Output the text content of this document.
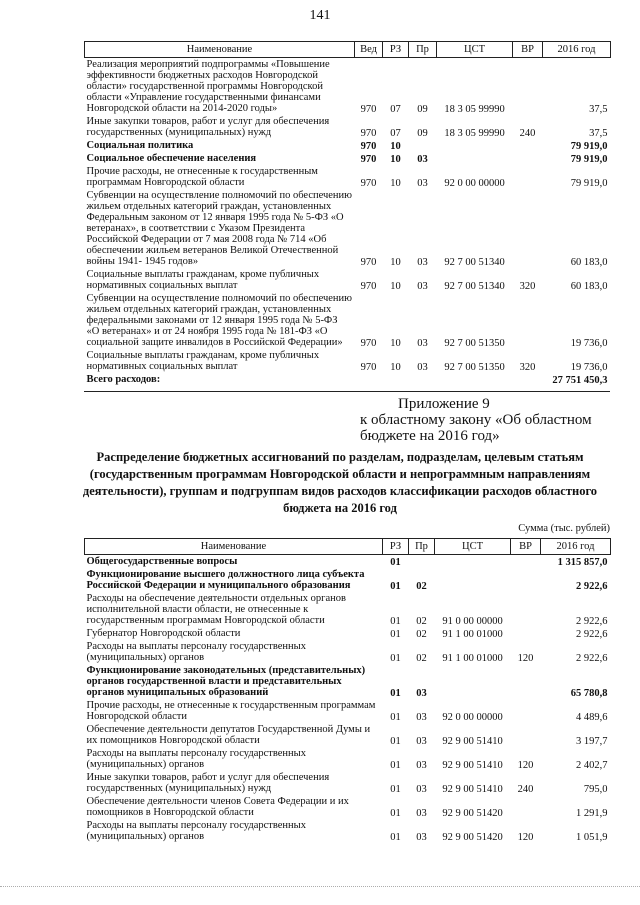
141
Наименование	Вед	РЗ	Пр	ЦСТ	ВР	2016 год
Реализация мероприятий подпрограммы «Повышение эффективности бюджетных расходов Новгородской области» государственной программы Новгородской области «Управление государственными финансами Новгородской области на 2014-2020 годы»	970	07	09	18 3 05 99990		37,5
Иные закупки товаров, работ и услуг для обеспечения государственных (муниципальных) нужд	970	07	09	18 3 05 99990	240	37,5
Социальная политика	970	10				79 919,0
Социальное обеспечение населения	970	10	03			79 919,0
Прочие расходы, не отнесенные к государственным программам Новгородской области	970	10	03	92 0 00 00000		79 919,0
Субвенции на осуществление полномочий по обеспечению жильем отдельных категорий граждан, установленных Федеральным законом от 12 января 1995 года № 5-ФЗ «О ветеранах», в соответствии с Указом Президента Российской Федерации от 7 мая 2008 года № 714 «Об обеспечении жильем ветеранов Великой Отечественной войны 1941- 1945 годов»	970	10	03	92 7 00 51340		60 183,0
Социальные выплаты гражданам, кроме публичных нормативных социальных выплат	970	10	03	92 7 00 51340	320	60 183,0
Субвенции на осуществление полномочий по обеспечению жильем отдельных категорий граждан, установленных федеральными законами от 12 января 1995 года № 5-ФЗ «О ветеранах» и от 24 ноября 1995 года № 181-ФЗ «О социальной защите инвалидов в Российской Федерации»	970	10	03	92 7 00 51350		19 736,0
Социальные выплаты гражданам, кроме публичных нормативных социальных выплат	970	10	03	92 7 00 51350	320	19 736,0
Всего расходов:						27 751 450,3
Приложение 9
к областному закону «Об областном
бюджете на 2016 год»
Распределение бюджетных ассигнований по разделам, подразделам, целевым статьям (государственным программам Новгородской области и непрограммным направлениям деятельности), группам и подгруппам видов расходов классификации расходов областного бюджета на 2016 год
Сумма (тыс. рублей)
Наименование	РЗ	Пр	ЦСТ	ВР	2016 год
Общегосударственные вопросы	01				1 315 857,0
Функционирование высшего должностного лица субъекта Российской Федерации и муниципального образования	01	02			2 922,6
Расходы на обеспечение деятельности отдельных органов исполнительной власти области, не отнесенные к государственным программам Новгородской области	01	02	91 0 00 00000		2 922,6
Губернатор Новгородской области	01	02	91 1 00 01000		2 922,6
Расходы на выплаты персоналу государственных (муниципальных) органов	01	02	91 1 00 01000	120	2 922,6
Функционирование законодательных (представительных) органов государственной власти и представительных органов муниципальных образований	01	03			65 780,8
Прочие расходы, не отнесенные к государственным программам Новгородской области	01	03	92 0 00 00000		4 489,6
Обеспечение деятельности депутатов Государственной Думы и их помощников Новгородской области	01	03	92 9 00 51410		3 197,7
Расходы на выплаты персоналу государственных (муниципальных) органов	01	03	92 9 00 51410	120	2 402,7
Иные закупки товаров, работ и услуг для обеспечения государственных (муниципальных) нужд	01	03	92 9 00 51410	240	795,0
Обеспечение деятельности членов Совета Федерации и их помощников в Новгородской области	01	03	92 9 00 51420		1 291,9
Расходы на выплаты персоналу государственных (муниципальных) органов	01	03	92 9 00 51420	120	1 051,9
